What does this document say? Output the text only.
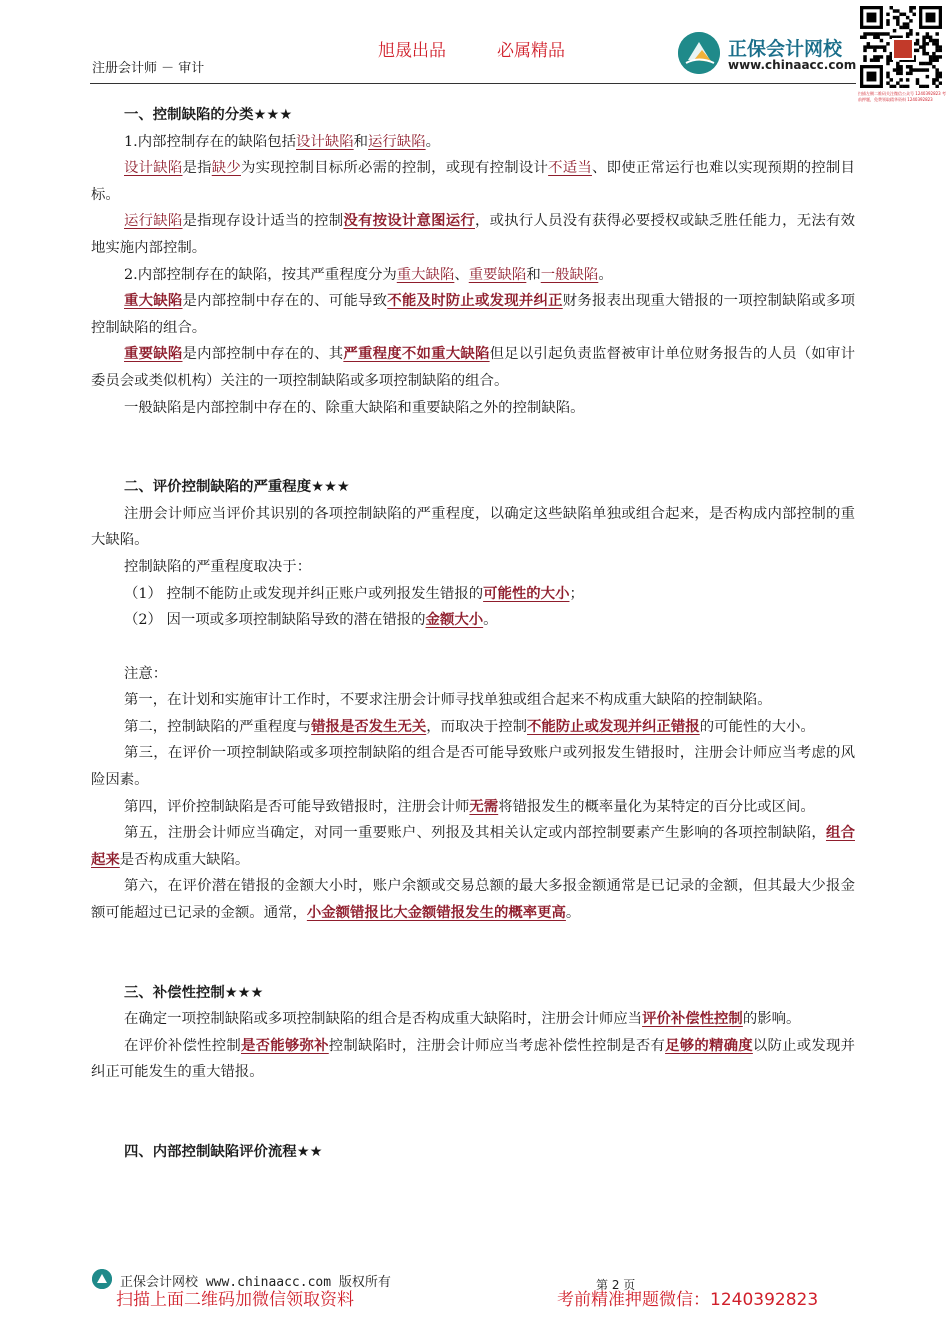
旭晟出品	必属精品
注册会计师 － 审计
正保会计网校
www.chinaacc.com
扫描左侧二维码关注微信公众号 1240392823 考前押题，免费领取精华资料 1240392823

一、控制缺陷的分类★★★

1.内部控制存在的缺陷包括设计缺陷和运行缺陷。

设计缺陷是指缺少为实现控制目标所必需的控制，或现有控制设计不适当、即使正常运行也难以实现预期的控制目标。

运行缺陷是指现存设计适当的控制没有按设计意图运行，或执行人员没有获得必要授权或缺乏胜任能力，无法有效地实施内部控制。

2.内部控制存在的缺陷，按其严重程度分为重大缺陷、重要缺陷和一般缺陷。

重大缺陷是内部控制中存在的、可能导致不能及时防止或发现并纠正财务报表出现重大错报的一项控制缺陷或多项控制缺陷的组合。

重要缺陷是内部控制中存在的、其严重程度不如重大缺陷但足以引起负责监督被审计单位财务报告的人员（如审计委员会或类似机构）关注的一项控制缺陷或多项控制缺陷的组合。

一般缺陷是内部控制中存在的、除重大缺陷和重要缺陷之外的控制缺陷。

二、评价控制缺陷的严重程度★★★

注册会计师应当评价其识别的各项控制缺陷的严重程度，以确定这些缺陷单独或组合起来，是否构成内部控制的重大缺陷。

控制缺陷的严重程度取决于：

（1） 控制不能防止或发现并纠正账户或列报发生错报的可能性的大小；

（2） 因一项或多项控制缺陷导致的潜在错报的金额大小。

注意：

第一，在计划和实施审计工作时，不要求注册会计师寻找单独或组合起来不构成重大缺陷的控制缺陷。

第二，控制缺陷的严重程度与错报是否发生无关，而取决于控制不能防止或发现并纠正错报的可能性的大小。

第三，在评价一项控制缺陷或多项控制缺陷的组合是否可能导致账户或列报发生错报时，注册会计师应当考虑的风险因素。

第四，评价控制缺陷是否可能导致错报时，注册会计师无需将错报发生的概率量化为某特定的百分比或区间。

第五，注册会计师应当确定，对同一重要账户、列报及其相关认定或内部控制要素产生影响的各项控制缺陷，组合起来是否构成重大缺陷。

第六，在评价潜在错报的金额大小时，账户余额或交易总额的最大多报金额通常是已记录的金额，但其最大少报金额可能超过已记录的金额。通常，小金额错报比大金额错报发生的概率更高。

三、补偿性控制★★★

在确定一项控制缺陷或多项控制缺陷的组合是否构成重大缺陷时，注册会计师应当评价补偿性控制的影响。

在评价补偿性控制是否能够弥补控制缺陷时，注册会计师应当考虑补偿性控制是否有足够的精确度以防止或发现并纠正可能发生的重大错报。

四、内部控制缺陷评价流程★★

正保会计网校 www.chinaacc.com 版权所有	第 2 页
扫描上面二维码加微信领取资料	考前精准押题微信：1240392823
